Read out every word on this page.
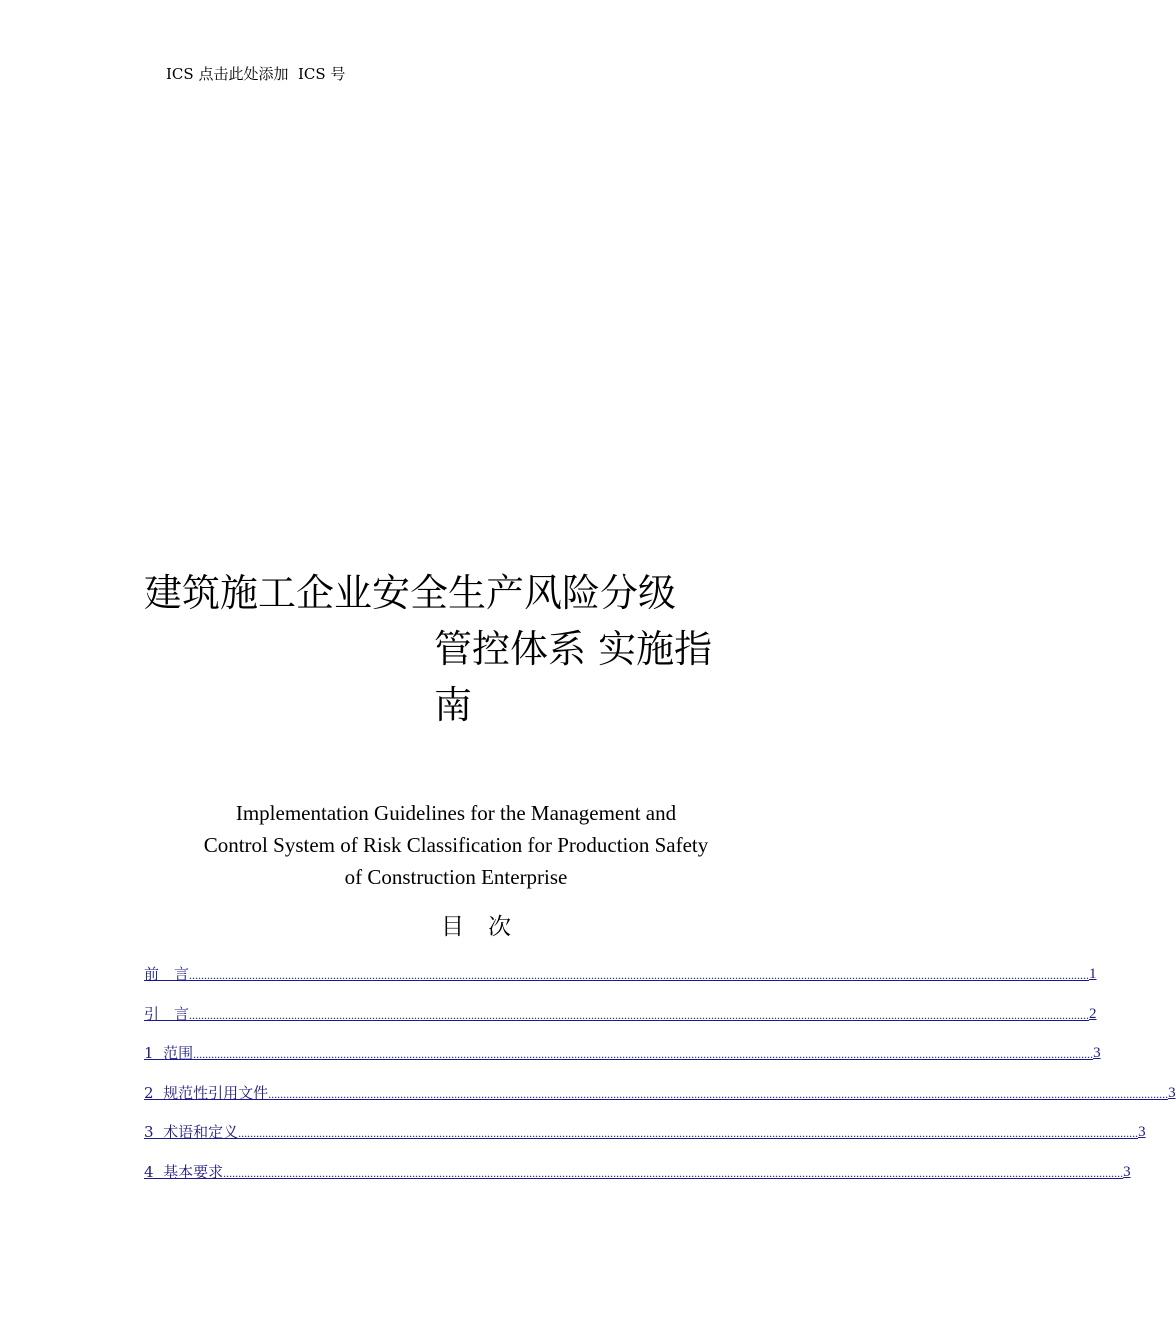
ICS 点击此处添加  ICS 号
建筑施工企业安全生产风险分级
管控体系 实施指
南
Implementation Guidelines for the Management and
Control System of Risk Classification for Production Safety
of Construction Enterprise
目次
前　言 ............................................................................................................................................................................................................................................................................................................ 1
引　言 ............................................................................................................................................................................................................................................................................................................ 2
1  范围 ............................................................................................................................................................................................................................................................................................................ 3
2  规范性引用文件 ............................................................................................................................................................................................................................................................................................................ 3
3  术语和定义 ............................................................................................................................................................................................................................................................................................................ 3
4  基本要求 ............................................................................................................................................................................................................................................................................................................ 3
